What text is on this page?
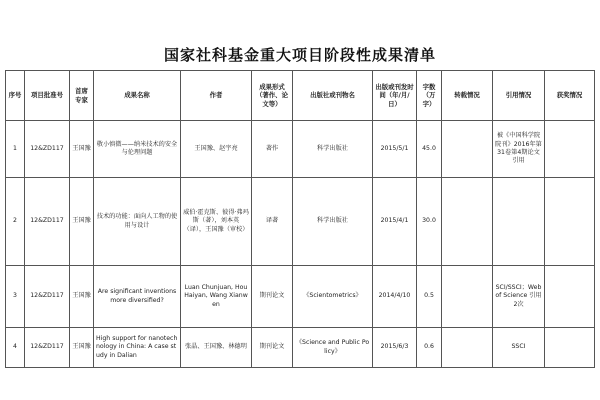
国家社科基金重大项目阶段性成果清单
序号	项目批准号	首席专家	成果名称	作者	成果形式（著作、论文等）	出版社或刊物名	出版或刊发时间（年/月/日）	字数（万字）	转载情况	引用情况	获奖情况
1	12&ZD117	王国豫	敬小慎微——纳米技术的安全与伦理问题	王国豫、赵宇亮	著作	科学出版社	2015/5/1	45.0		被《中国科学院院刊》2016年第31卷第4期论文引用	
2	12&ZD117	王国豫	技术的功能：面向人工物的使用与设计	威伯·霍克斯、彼得·弗玛斯（著），刘本英（译），王国豫（审校）	译著	科学出版社	2015/4/1	30.0			
3	12&ZD117	王国豫	Are significant inventions more diversified?	Luan Chunjuan, Hou Haiyan, Wang Xianwen	期刊论文	《Scientometrics》	2014/4/10	0.5		SCI/SSCI；Web of Science 引用2次	
4	12&ZD117	王国豫	High support for nanotechnology in China: A case study in Dalian	张晶、王国豫、林德明	期刊论文	《Science and Public Policy》	2015/6/3	0.6		SSCI	
